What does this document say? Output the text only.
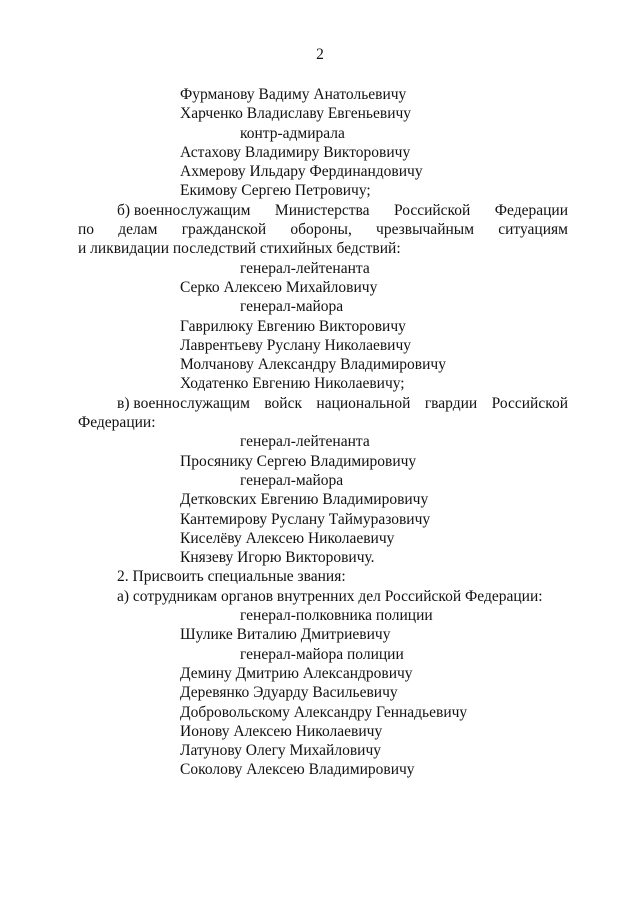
2
Фурманову Вадиму Анатольевичу
Харченко Владиславу Евгеньевичу
контр-адмирала
Астахову Владимиру Викторовичу
Ахмерову Ильдару Фердинандовичу
Екимову Сергею Петровичу;
б) военнослужащим Министерства Российской Федерации
по делам гражданской обороны, чрезвычайным ситуациям
и ликвидации последствий стихийных бедствий:
генерал-лейтенанта
Серко Алексею Михайловичу
генерал-майора
Гаврилюку Евгению Викторовичу
Лаврентьеву Руслану Николаевичу
Молчанову Александру Владимировичу
Ходатенко Евгению Николаевичу;
в) военнослужащим войск национальной гвардии Российской
Федерации:
генерал-лейтенанта
Просянику Сергею Владимировичу
генерал-майора
Детковских Евгению Владимировичу
Кантемирову Руслану Таймуразовичу
Киселёву Алексею Николаевичу
Князеву Игорю Викторовичу.
2. Присвоить специальные звания:
а) сотрудникам органов внутренних дел Российской Федерации:
генерал-полковника полиции
Шулике Виталию Дмитриевичу
генерал-майора полиции
Демину Дмитрию Александровичу
Деревянко Эдуарду Васильевичу
Добровольскому Александру Геннадьевичу
Ионову Алексею Николаевичу
Латунову Олегу Михайловичу
Соколову Алексею Владимировичу
